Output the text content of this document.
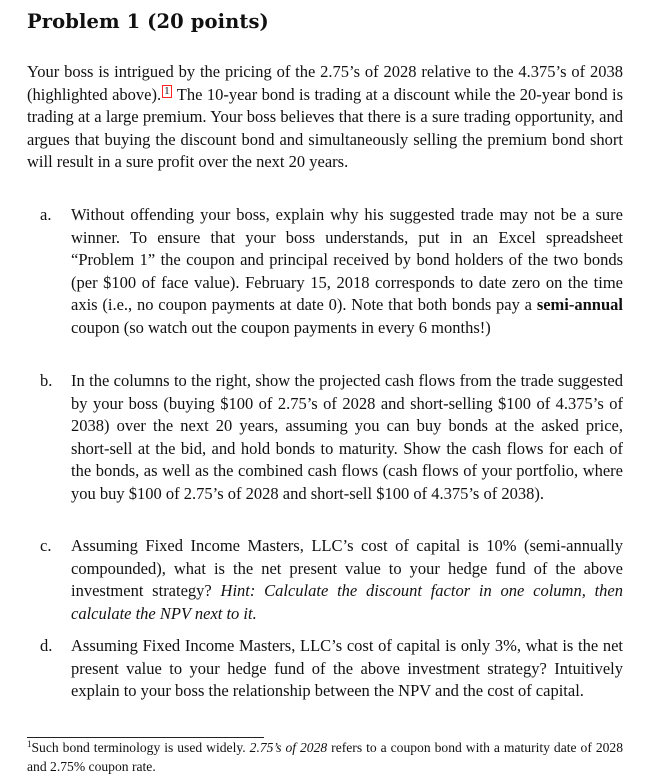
Problem 1 (20 points)

Your boss is intrigued by the pricing of the 2.75’s of 2028 relative to the 4.375’s of 2038 (highlighted above). 1 The 10-year bond is trading at a discount while the 20-year bond is trading at a large premium. Your boss believes that there is a sure trading opportunity, and argues that buying the discount bond and simultaneously selling the premium bond short will result in a sure profit over the next 20 years.

a. Without offending your boss, explain why his suggested trade may not be a sure winner. To ensure that your boss understands, put in an Excel spreadsheet “Problem 1” the coupon and principal received by bond holders of the two bonds (per $100 of face value). February 15, 2018 corresponds to date zero on the time axis (i.e., no coupon payments at date 0). Note that both bonds pay a semi-annual coupon (so watch out the coupon payments in every 6 months!)
b. In the columns to the right, show the projected cash flows from the trade suggested by your boss (buying $100 of 2.75’s of 2028 and short-selling $100 of 4.375’s of 2038) over the next 20 years, assuming you can buy bonds at the asked price, short-sell at the bid, and hold bonds to maturity. Show the cash flows for each of the bonds, as well as the combined cash flows (cash flows of your portfolio, where you buy $100 of 2.75’s of 2028 and short-sell $100 of 4.375’s of 2038).
c. Assuming Fixed Income Masters, LLC’s cost of capital is 10% (semi-annually compounded), what is the net present value to your hedge fund of the above investment strategy? Hint: Calculate the discount factor in one column, then calculate the NPV next to it.
d. Assuming Fixed Income Masters, LLC’s cost of capital is only 3%, what is the net present value to your hedge fund of the above investment strategy? Intuitively explain to your boss the relationship between the NPV and the cost of capital.

$^1$Such bond terminology is used widely. 2.75’s of 2028 refers to a coupon bond with a maturity date of 2028 and 2.75% coupon rate.
